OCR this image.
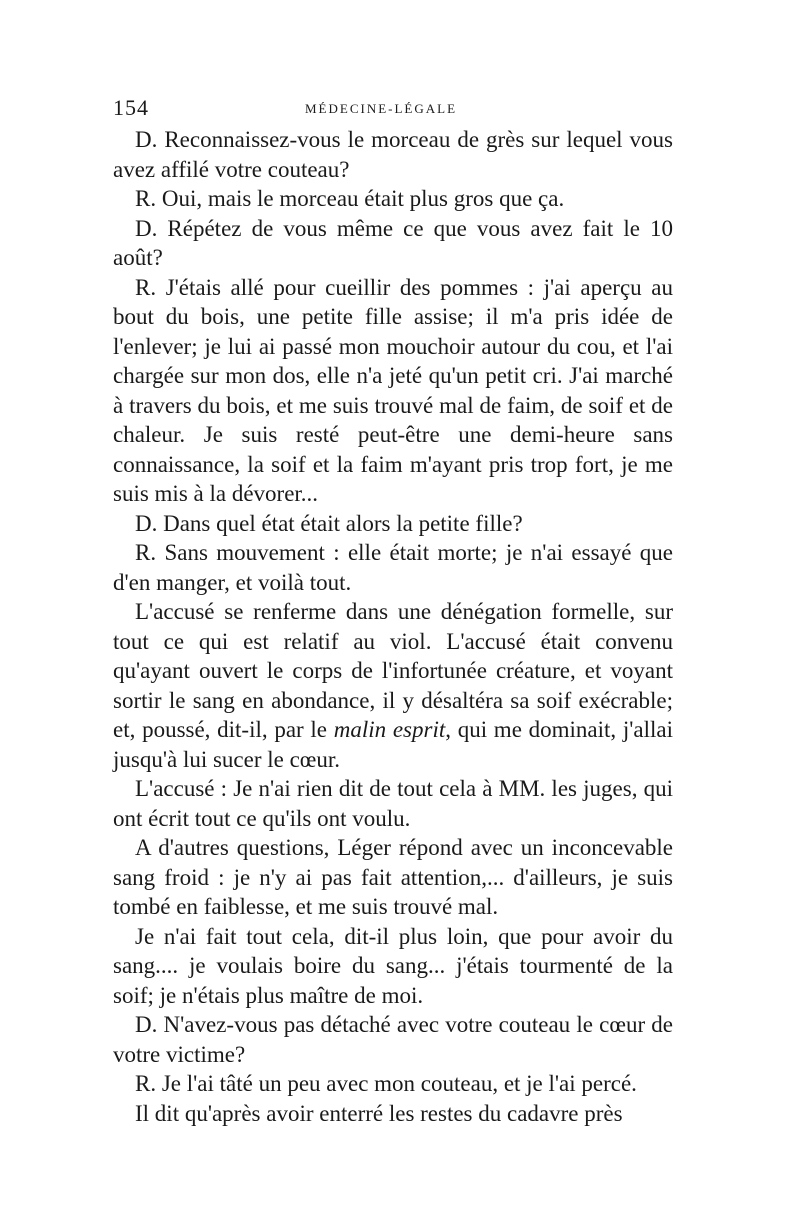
154	MÉDECINE-LÉGALE

D. Reconnaissez-vous le morceau de grès sur lequel vous avez affilé votre couteau?

R. Oui, mais le morceau était plus gros que ça.

D. Répétez de vous même ce que vous avez fait le 10 août?

R. J'étais allé pour cueillir des pommes : j'ai aperçu au bout du bois, une petite fille assise; il m'a pris idée de l'enlever; je lui ai passé mon mouchoir autour du cou, et l'ai chargée sur mon dos, elle n'a jeté qu'un petit cri. J'ai marché à travers du bois, et me suis trouvé mal de faim, de soif et de chaleur. Je suis resté peut-être une demi-heure sans connaissance, la soif et la faim m'ayant pris trop fort, je me suis mis à la dévorer...

D. Dans quel état était alors la petite fille?

R. Sans mouvement : elle était morte; je n'ai essayé que d'en manger, et voilà tout.

L'accusé se renferme dans une dénégation formelle, sur tout ce qui est relatif au viol. L'accusé était convenu qu'ayant ouvert le corps de l'infortunée créature, et voyant sortir le sang en abondance, il y désaltéra sa soif exécrable; et, poussé, dit-il, par le malin esprit, qui me dominait, j'allai jusqu'à lui sucer le cœur.

L'accusé : Je n'ai rien dit de tout cela à MM. les juges, qui ont écrit tout ce qu'ils ont voulu.

A d'autres questions, Léger répond avec un inconcevable sang froid : je n'y ai pas fait attention,... d'ailleurs, je suis tombé en faiblesse, et me suis trouvé mal.

Je n'ai fait tout cela, dit-il plus loin, que pour avoir du sang.... je voulais boire du sang... j'étais tourmenté de la soif; je n'étais plus maître de moi.

D. N'avez-vous pas détaché avec votre couteau le cœur de votre victime?

R. Je l'ai tâté un peu avec mon couteau, et je l'ai percé.

Il dit qu'après avoir enterré les restes du cadavre près
